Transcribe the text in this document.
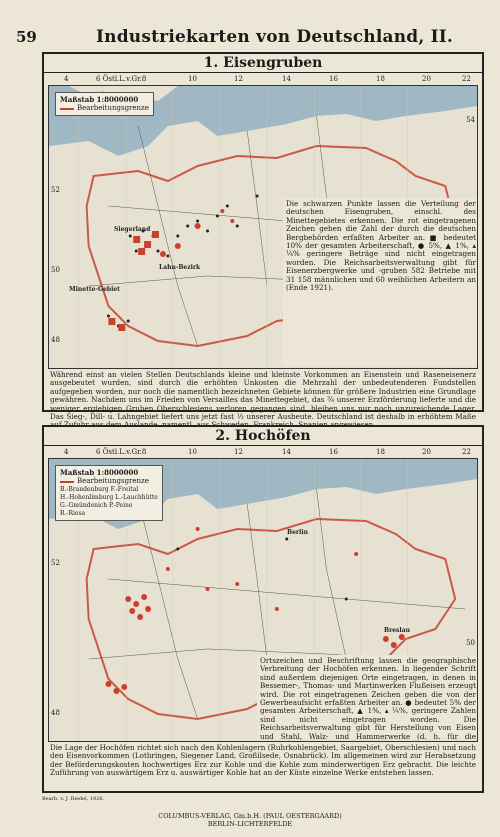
59	Industriekarten von Deutschland, II.
1. Eisengruben
4	6 Östl.L.v.Gr.8	10	12	14	16	18	20	22
Maßstab 1:8000000
Bearbeitungsgrenze
54
52
50
48
Siegerland
Minette-Gebiet
Lahn-Bezirk
Die schwarzen Punkte lassen die Verteilung der deutschen Eisengruben, einschl. des Minettegebietes erkennen. Die rot eingetragenen Zeichen geben die Zahl der durch die deutschen Bergbehörden erfaßten Arbeiter an. ■ bedeutet 10% der gesamten Arbeiterschaft, ● 5%, ▲ 1%, ▴ ¼% geringere Beträge sind nicht eingetragen worden. Die Reichsarbeitsverwaltung gibt für Eisenerzbergwerke und -gruben 582 Betriebe mit 31 158 männlichen und 60 weiblichen Arbeitern an (Ende 1921).
Während einst an vielen Stellen Deutschlands kleine und kleinste Vorkommen an Eisenstein und Raseneisenerz ausgebeutet wurden, sind durch die erhöhten Unkosten die Mehrzahl der unbedeutenderen Fundstellen aufgegeben worden, nur noch die namentlich bezeichneten Gebiete können für größere Industrien eine Grundlage gewähren. Nachdem uns im Frieden von Versailles das Minettegebiet, das ¾ unserer Erzförderung lieferte und die weniger ergiebigen Gruben Oberschlesiens verloren gegangen sind, bleiben uns nur noch unzureichende Lager. Das Sieg-, Dill- u. Lahngebiet liefert uns jetzt fast ⅓ unserer Ausbeute. Deutschland ist deshalb in erhöhtem Maße
2. Hochöfen
4	6 Östl.L.v.Gr.8	10	12	14	16	18	20	22
Maßstab 1:8000000
Bearbeitungsgrenze
B.-Brandenburg F.-Freital
H.-Hohenlimburg L.-Lauchhütte
G.-Gmündenich P.-Peine
R.-Riesa
52
50
48
Breslau
Berlin
Ortszeichen und Beschriftung lassen die geographische Verbreitung der Hochöfen erkennen. In liegender Schrift sind außerdem diejenigen Orte eingetragen, in denen in Bessemer-, Thomas- und Martinwerken Flußeisen erzeugt wird. Die rot eingetragenen Zeichen geben die von der Gewerbeaufsicht erfaßten Arbeiter an. ● bedeutet 5% der gesamten Arbeiterschaft, ▲ 1%, ▴ ¼%, geringere Zahlen sind nicht eingetragen worden. Die Reichsarbeitsverwaltung gibt für Herstellung von Eisen und Stahl, Walz- und Hammerwerke (d. h. für die
Die Lage der Hochöfen richtet sich nach den Kohlenlagern (Ruhrkohlengebiet, Saargebiet, Oberschlesien) und nach den Eisenvorkommen (Lothringen, Siegener Land, Großilsede, Osnabrück). Im allgemeinen wird zur Herabsetzung der Beförderungskosten hochwertiges Erz zur Kohle und die Kohle zum minderwertigen Erz gebracht. Die leichte Zuführung von auswärtigem Erz u. auswärtiger Kohle hat an der Küste einzelne Werke entstehen lassen.
Bearb. v. J. Riedel, 1926.
COLUMBUS-VERLAG, Gm.b.H. (PAUL OESTERGAARD)
BERLIN-LICHTERFELDE
